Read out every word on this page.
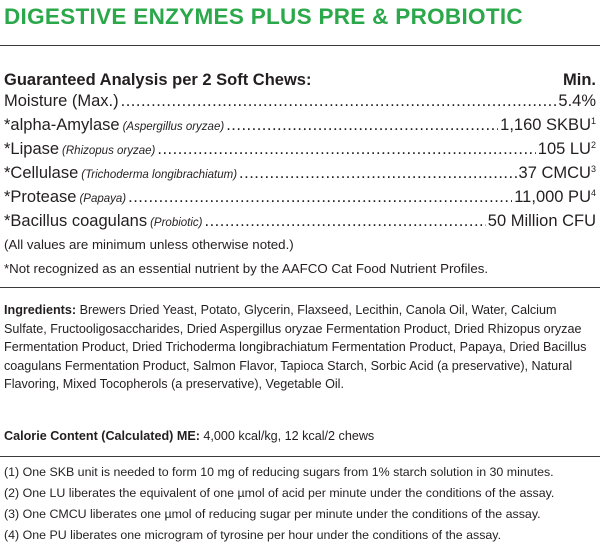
DIGESTIVE ENZYMES PLUS PRE & PROBIOTIC
Guaranteed Analysis per 2 Soft Chews:	Min.
Moisture (Max.) .....	5.4%
*alpha-Amylase (Aspergillus oryzae) .....	1,160 SKBU$^1$
*Lipase (Rhizopus oryzae) .....	105 $LU^2$
*Cellulase (Trichoderma longibrachiatum) .....	37 CMCU$^3$
*Protease (Papaya) .....	11,000 $PU^4$
*Bacillus coagulans (Probiotic) .....	50 Million CFU
(All values are minimum unless otherwise noted.)
*Not recognized as an essential nutrient by the AAFCO Cat Food Nutrient Profiles.
Ingredients: Brewers Dried Yeast, Potato, Glycerin, Flaxseed, Lecithin, Canola Oil, Water, Calcium Sulfate, Fructooligosaccharides, Dried Aspergillus oryzae Fermentation Product, Dried Rhizopus oryzae Fermentation Product, Dried Trichoderma longibrachiatum Fermentation Product, Papaya, Dried Bacillus coagulans Fermentation Product, Salmon Flavor, Tapioca Starch, Sorbic Acid (a preservative), Natural Flavoring, Mixed Tocopherols (a preservative), Vegetable Oil.
Calorie Content (Calculated) ME: 4,000 kcal/kg, 12 kcal/2 chews
(1) One SKB unit is needed to form 10 mg of reducing sugars from 1% starch solution in 30 minutes.
(2) One LU liberates the equivalent of one µmol of acid per minute under the conditions of the assay.
(3) One CMCU liberates one µmol of reducing sugar per minute under the conditions of the assay.
(4) One PU liberates one microgram of tyrosine per hour under the conditions of the assay.
